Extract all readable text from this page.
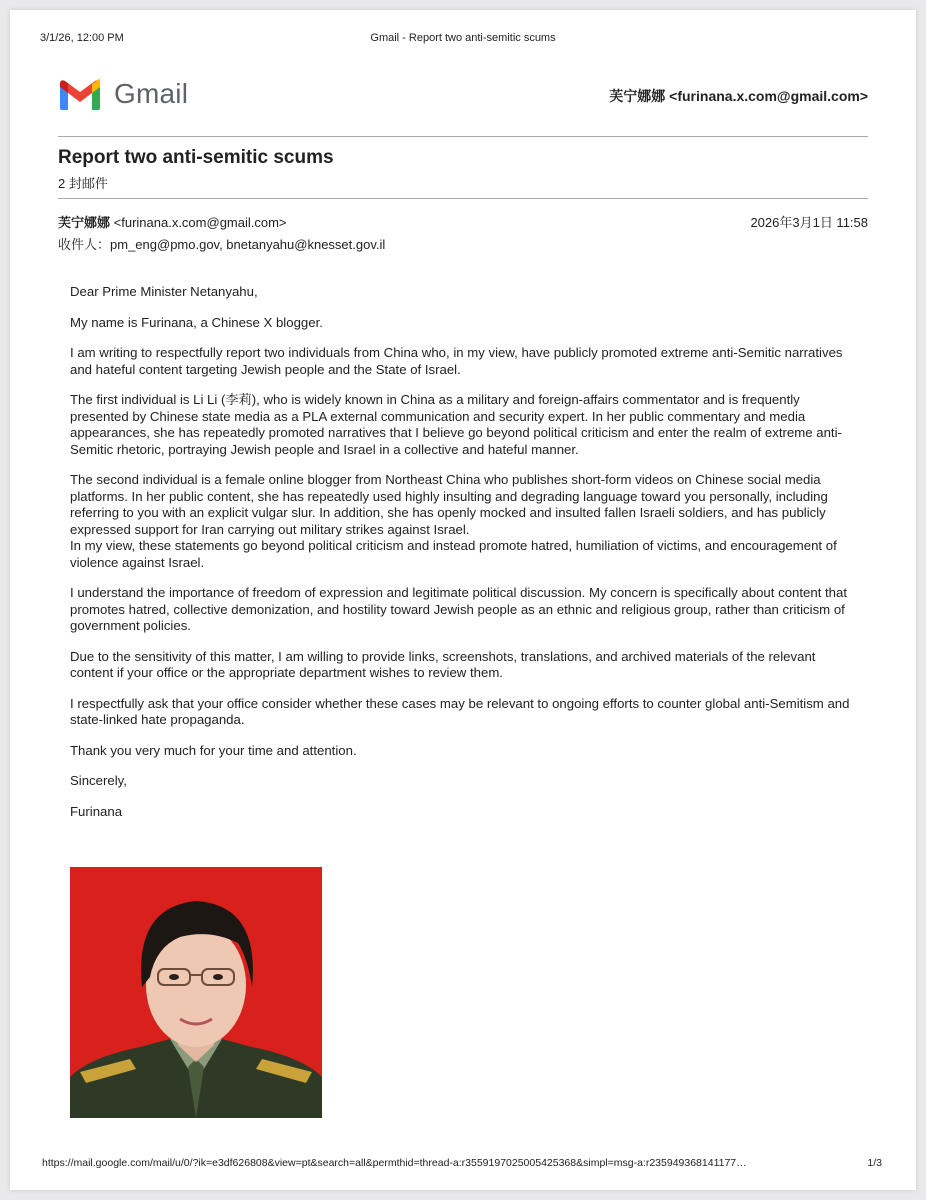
3/1/26, 12:00 PM	Gmail - Report two anti-semitic scums
Gmail	芙宁娜娜 <furinana.x.com@gmail.com>
Report two anti-semitic scums
2 封邮件
芙宁娜娜 <furinana.x.com@gmail.com>	2026年3月1日 11:58
收件人：pm_eng@pmo.gov, bnetanyahu@knesset.gov.il

Dear Prime Minister Netanyahu,

My name is Furinana, a Chinese X blogger.

I am writing to respectfully report two individuals from China who, in my view, have publicly promoted extreme anti-Semitic narratives and hateful content targeting Jewish people and the State of Israel.

The first individual is Li Li (李莉), who is widely known in China as a military and foreign-affairs commentator and is frequently presented by Chinese state media as a PLA external communication and security expert. In her public commentary and media appearances, she has repeatedly promoted narratives that I believe go beyond political criticism and enter the realm of extreme anti-Semitic rhetoric, portraying Jewish people and Israel in a collective and hateful manner.

The second individual is a female online blogger from Northeast China who publishes short-form videos on Chinese social media platforms. In her public content, she has repeatedly used highly insulting and degrading language toward you personally, including referring to you with an explicit vulgar slur. In addition, she has openly mocked and insulted fallen Israeli soldiers, and has publicly expressed support for Iran carrying out military strikes against Israel.
In my view, these statements go beyond political criticism and instead promote hatred, humiliation of victims, and encouragement of violence against Israel.

I understand the importance of freedom of expression and legitimate political discussion. My concern is specifically about content that promotes hatred, collective demonization, and hostility toward Jewish people as an ethnic and religious group, rather than criticism of government policies.

Due to the sensitivity of this matter, I am willing to provide links, screenshots, translations, and archived materials of the relevant content if your office or the appropriate department wishes to review them.

I respectfully ask that your office consider whether these cases may be relevant to ongoing efforts to counter global anti-Semitism and state-linked hate propaganda.

Thank you very much for your time and attention.

Sincerely,

Furinana

https://mail.google.com/mail/u/0/?ik=e3df626808&view=pt&search=all&permthid=thread-a:r3559197025005425368&simpl=msg-a:r235949368141177…	1/3
